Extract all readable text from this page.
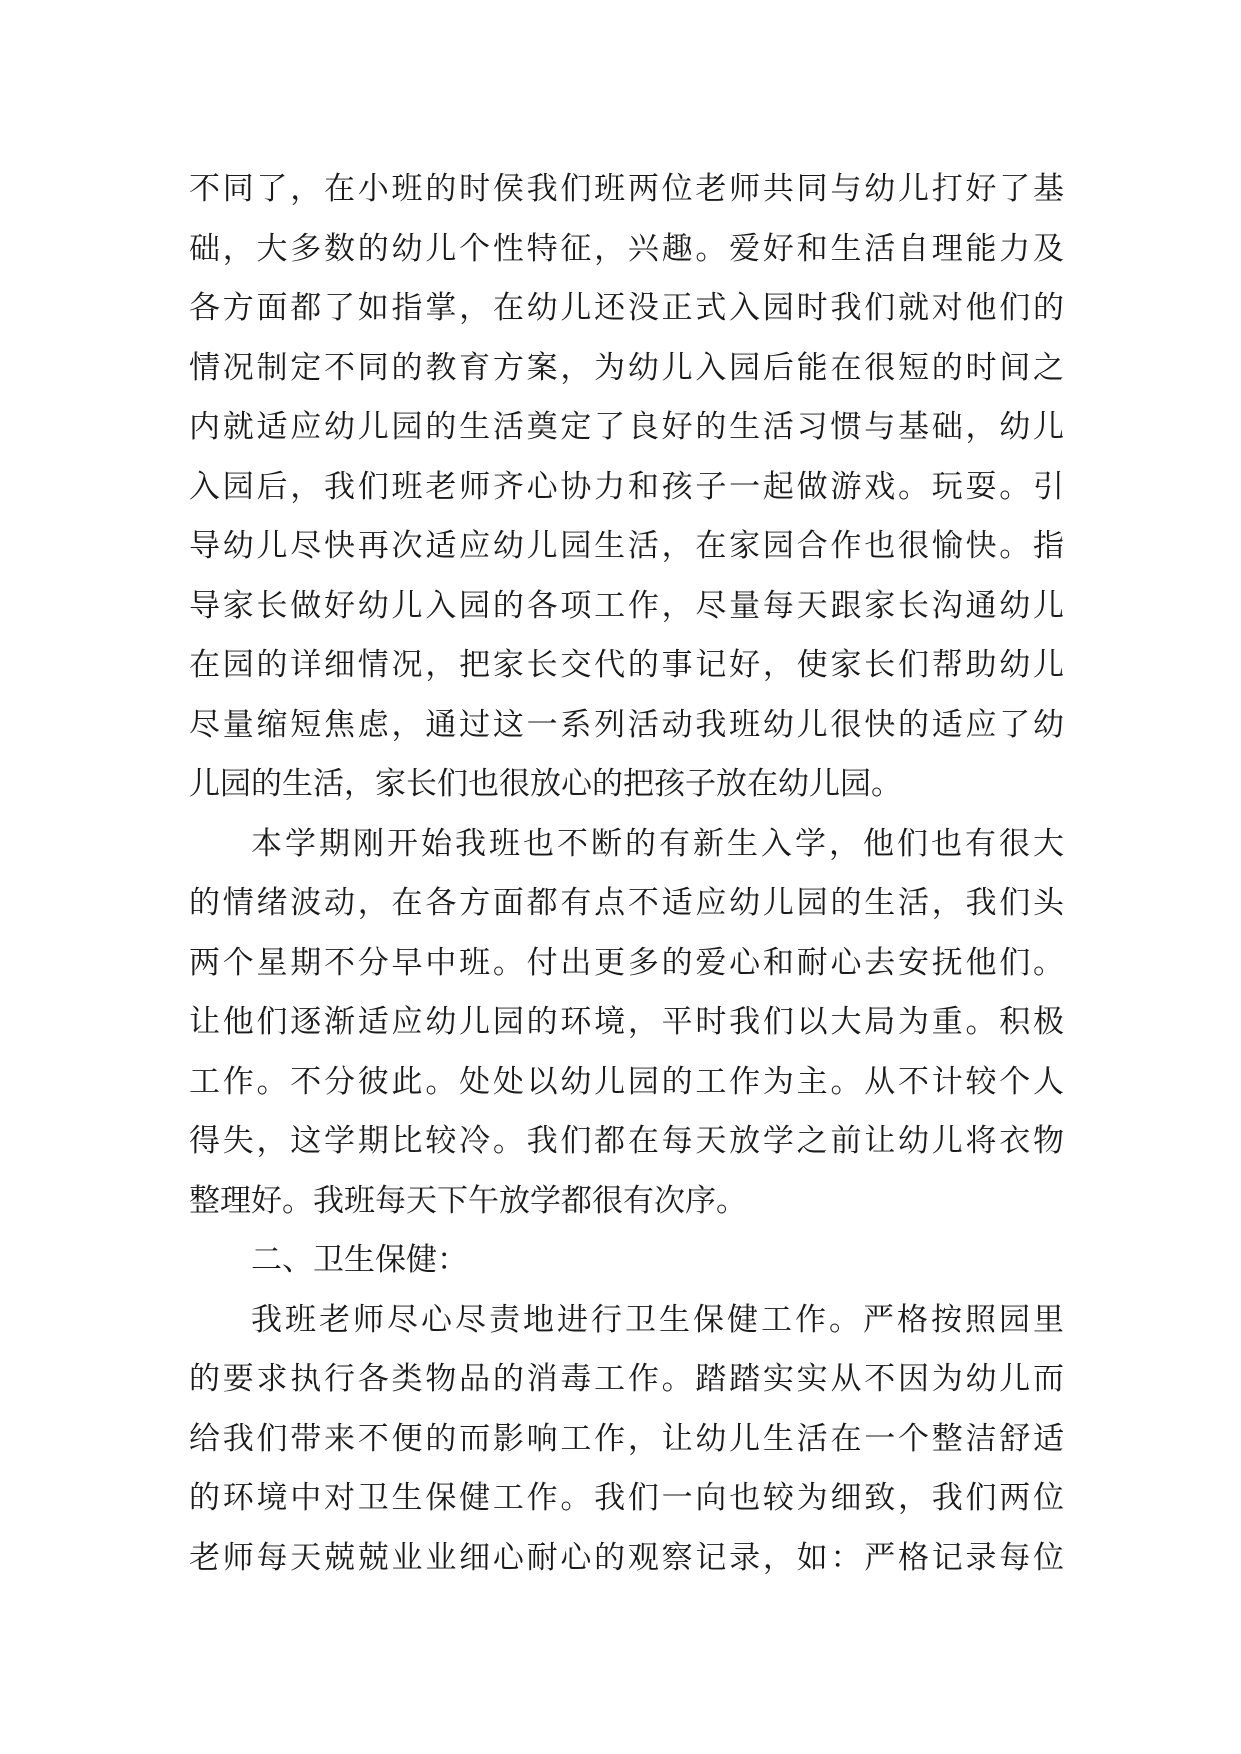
不同了，在小班的时侯我们班两位老师共同与幼儿打好了基
础，大多数的幼儿个性特征，兴趣。爱好和生活自理能力及
各方面都了如指掌，在幼儿还没正式入园时我们就对他们的
情况制定不同的教育方案，为幼儿入园后能在很短的时间之
内就适应幼儿园的生活奠定了良好的生活习惯与基础，幼儿
入园后，我们班老师齐心协力和孩子一起做游戏。玩耍。引
导幼儿尽快再次适应幼儿园生活，在家园合作也很愉快。指
导家长做好幼儿入园的各项工作，尽量每天跟家长沟通幼儿
在园的详细情况，把家长交代的事记好，使家长们帮助幼儿
尽量缩短焦虑，通过这一系列活动我班幼儿很快的适应了幼
儿园的生活，家长们也很放心的把孩子放在幼儿园。
本学期刚开始我班也不断的有新生入学，他们也有很大
的情绪波动，在各方面都有点不适应幼儿园的生活，我们头
两个星期不分早中班。付出更多的爱心和耐心去安抚他们。
让他们逐渐适应幼儿园的环境，平时我们以大局为重。积极
工作。不分彼此。处处以幼儿园的工作为主。从不计较个人
得失，这学期比较冷。我们都在每天放学之前让幼儿将衣物
整理好。我班每天下午放学都很有次序。
二、卫生保健：
我班老师尽心尽责地进行卫生保健工作。严格按照园里
的要求执行各类物品的消毒工作。踏踏实实从不因为幼儿而
给我们带来不便的而影响工作，让幼儿生活在一个整洁舒适
的环境中对卫生保健工作。我们一向也较为细致，我们两位
老师每天兢兢业业细心耐心的观察记录，如：严格记录每位
